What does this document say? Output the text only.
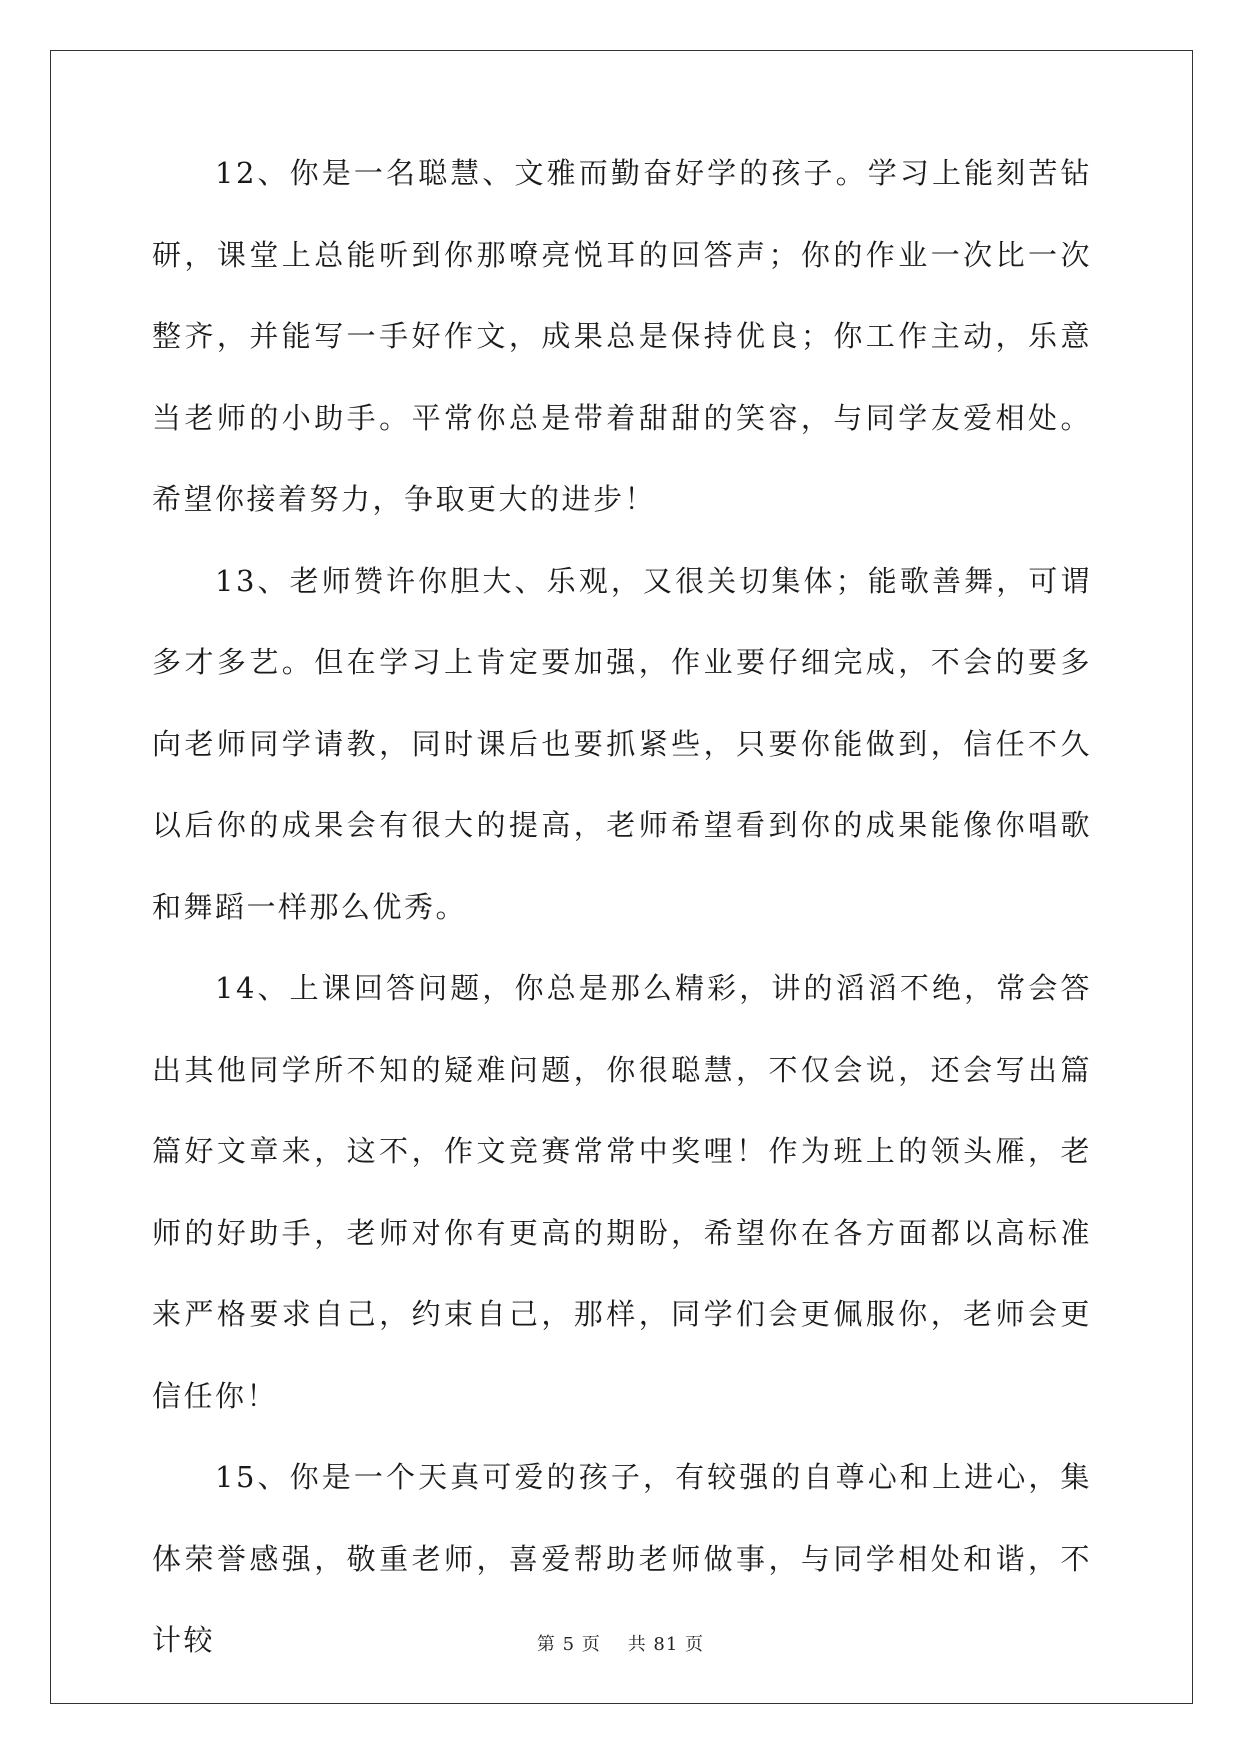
12、你是一名聪慧、文雅而勤奋好学的孩子。学习上能刻苦钻研，课堂上总能听到你那嘹亮悦耳的回答声；你的作业一次比一次整齐，并能写一手好作文，成果总是保持优良；你工作主动，乐意当老师的小助手。平常你总是带着甜甜的笑容，与同学友爱相处。希望你接着努力，争取更大的进步！

13、老师赞许你胆大、乐观，又很关切集体；能歌善舞，可谓多才多艺。但在学习上肯定要加强，作业要仔细完成，不会的要多向老师同学请教，同时课后也要抓紧些，只要你能做到，信任不久以后你的成果会有很大的提高，老师希望看到你的成果能像你唱歌和舞蹈一样那么优秀。

14、上课回答问题，你总是那么精彩，讲的滔滔不绝，常会答出其他同学所不知的疑难问题，你很聪慧，不仅会说，还会写出篇篇好文章来，这不，作文竞赛常常中奖哩！作为班上的领头雁，老师的好助手，老师对你有更高的期盼，希望你在各方面都以高标准来严格要求自己，约束自己，那样，同学们会更佩服你，老师会更信任你！

15、你是一个天真可爱的孩子，有较强的自尊心和上进心，集体荣誉感强，敬重老师，喜爱帮助老师做事，与同学相处和谐，不计较	第 5 页    共 81 页
